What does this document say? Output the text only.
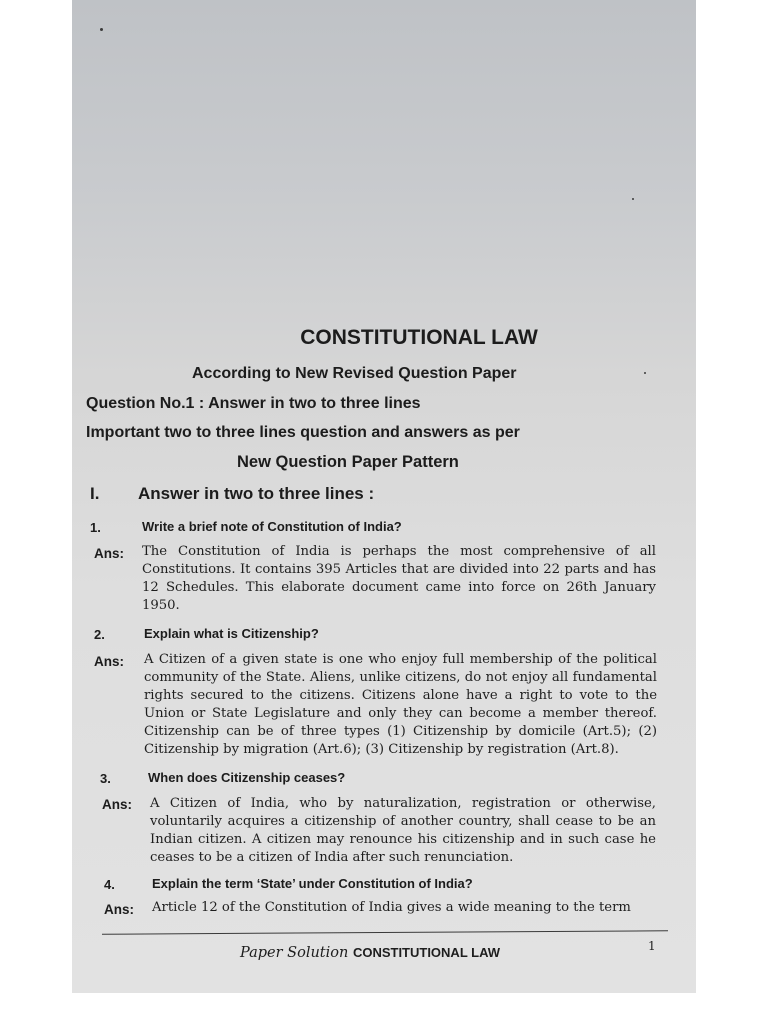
CONSTITUTIONAL LAW
According to New Revised Question Paper
Question No.1 : Answer in two to three lines
Important two to three lines question and answers as per
New Question Paper Pattern
I. Answer in two to three lines :
1.	Write a brief note of Constitution of India?
Ans: The Constitution of India is perhaps the most comprehensive of all Constitutions. It contains 395 Articles that are divided into 22 parts and has 12 Schedules. This elaborate document came into force on 26th January 1950.

2.	Explain what is Citizenship?
Ans: A Citizen of a given state is one who enjoy full membership of the political community of the State. Aliens, unlike citizens, do not enjoy all fundamental rights secured to the citizens. Citizens alone have a right to vote to the Union or State Legislature and only they can become a member thereof. Citizenship can be of three types (1) Citizenship by domicile (Art.5); (2) Citizenship by migration (Art.6); (3) Citizenship by registration (Art.8).

3.	When does Citizenship ceases?
Ans: A Citizen of India, who by naturalization, registration or otherwise, voluntarily acquires a citizenship of another country, shall cease to be an Indian citizen. A citizen may renounce his citizenship and in such case he ceases to be a citizen of India after such renunciation.

4.	Explain the term ‘State’ under Constitution of India?
Ans: Article 12 of the Constitution of India gives a wide meaning to the term

Paper Solution CONSTITUTIONAL LAW	1
